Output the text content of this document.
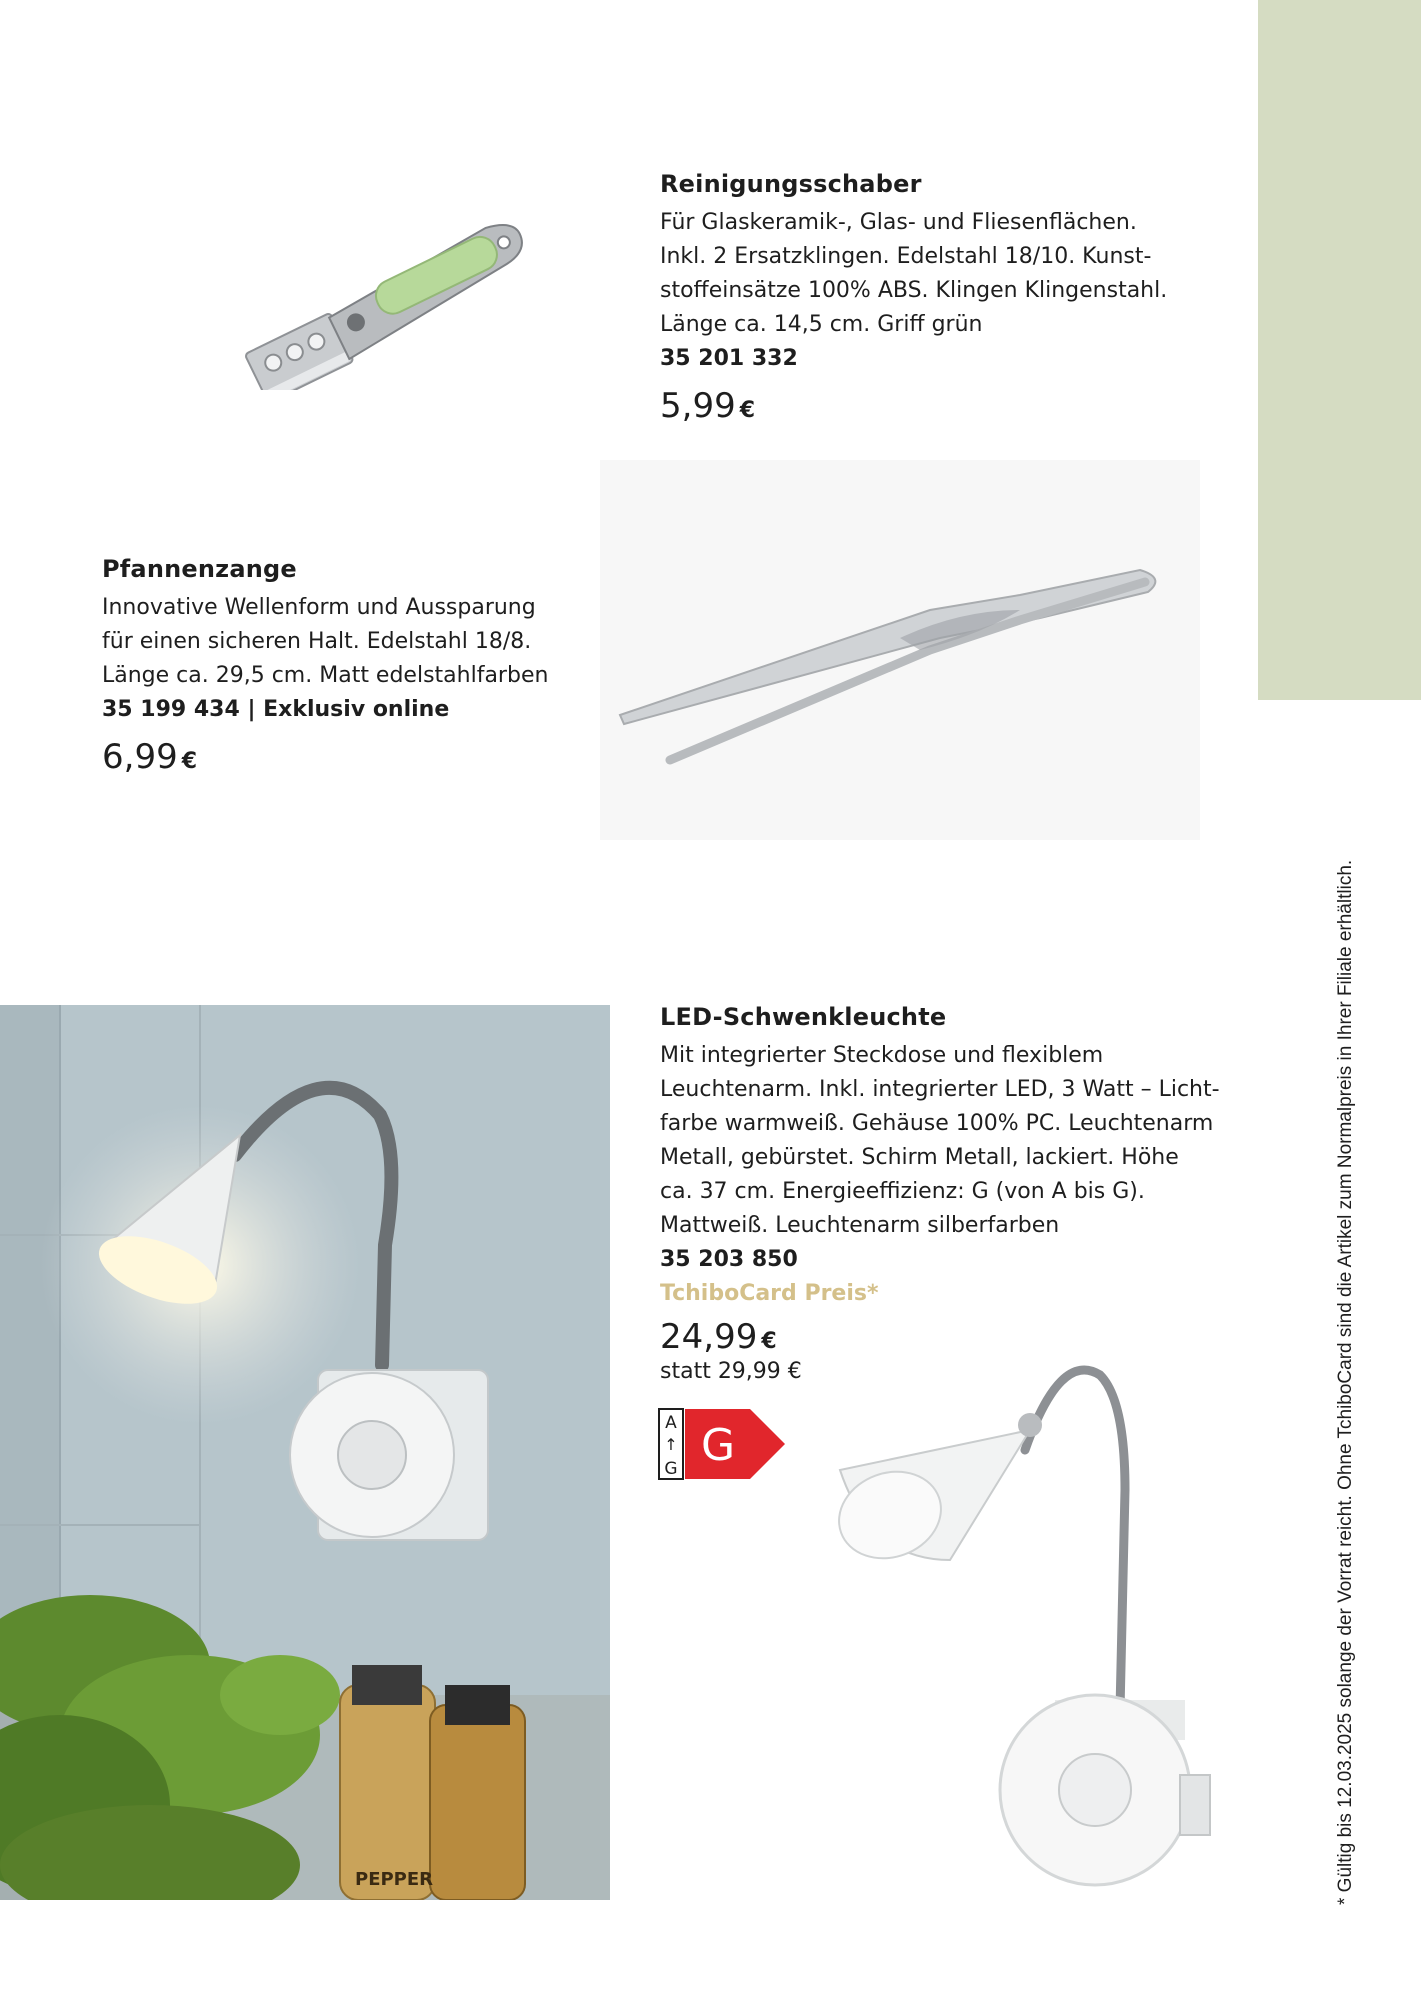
* Gültig bis 12.03.2025 solange der Vorrat reicht. Ohne TchiboCard sind die Artikel zum Normalpreis in Ihrer Filiale erhältlich.

Reinigungsschaber

Für Glaskeramik-, Glas- und Fliesenflächen.

Inkl. 2 Ersatzklingen. Edelstahl 18/10. Kunst-

stoffeinsätze 100% ABS. Klingen Klingenstahl.

Länge ca. 14,5 cm. Griff grün

35 201 332

5,99 €

Pfannenzange

Innovative Wellenform und Aussparung

für einen sicheren Halt. Edelstahl 18/8.

Länge ca. 29,5 cm. Matt edelstahlfarben

35 199 434 | Exklusiv online

6,99 €
PEPPER

LED-Schwenkleuchte

Mit integrierter Steckdose und flexiblem

Leuchtenarm. Inkl. integrierter LED, 3 Watt – Licht-

farbe warmweiß. Gehäuse 100% PC. Leuchtenarm

Metall, gebürstet. Schirm Metall, lackiert. Höhe

ca. 37 cm. Energieeffizienz: G (von A bis G).

Mattweiß. Leuchtenarm silberfarben

35 203 850

TchiboCard Preis*
24,99 €
statt 29,99 €
A
↑
G G
